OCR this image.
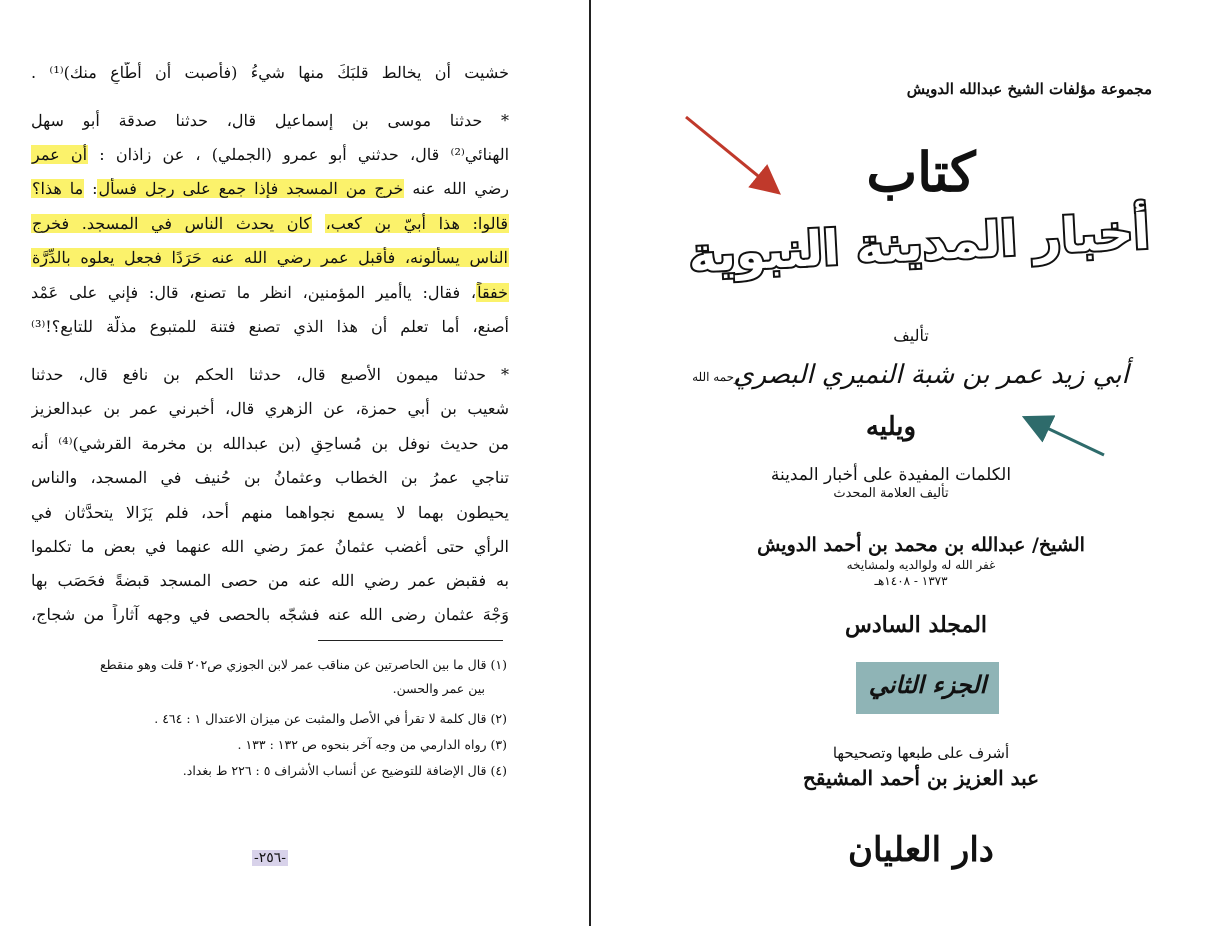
خشيت أن يخالط قلبَكَ منها شيءُ (فأصبت أن أُطَّاعِ منك)⁽¹⁾ .
* حدثنا موسى بن إسماعيل قال، حدثنا صدقة أبو سهل
الهنائي⁽²⁾ قال، حدثني أبو عمرو (الجملي) ، عن زاذان : أن عمر
رضي الله عنه خرج من المسجد فإذا جمع على رجل فسأل: ما هذا؟
قالوا: هذا أبيّ بن كعب، كان يحدث الناس في المسجد. فخرج
الناس يسألونه، فأقبل عمر رضي الله عنه حَرَدًا فجعل يعلوه بالدِّرَّة
خفقاً، فقال: ياأمير المؤمنين، انظر ما تصنع، قال: فإني على عَمْد
أصنع، أما تعلم أن هذا الذي تصنع فتنة للمتبوع مذلّة للتابع؟!⁽³⁾
* حدثنا ميمون الأصبع قال، حدثنا الحكم بن نافع قال، حدثنا
شعيب بن أبي حمزة، عن الزهري قال، أخبرني عمر بن عبدالعزيز
من حديث نوفل بن مُساحِقٍ (بن عبدالله بن مخرمة القرشي)⁽⁴⁾ أنه
تناجي عمرُ بن الخطاب وعثمانُ بن حُنيف في المسجد، والناس
يحيطون بهما لا يسمع نجواهما منهم أحد، فلم يَزَالا يتحدَّثان في
الرأي حتى أغضب عثمانُ عمرَ رضي الله عنهما في بعض ما تكلموا
به فقبض عمر رضي الله عنه من حصى المسجد قبضةً فحَصَب بها
وَجْهَ عثمان رضى الله عنه فشجّه بالحصى في وجهه آثاراً من شجاج،
(١) قال ما بين الحاصرتين عن مناقب عمر لابن الجوزي ص٢٠٢ قلت وهو منقطع
بين عمر والحسن.
(٢) قال كلمة لا تقرأ في الأصل والمثبت عن ميزان الاعتدال ١ : ٤٦٤ .
(٣) رواه الدارمي من وجه آخر بنحوه ص ١٣٢ : ١٣٣ .
(٤) قال الإضافة للتوضيح عن أنساب الأشراف ٥ : ٢٢٦ ط بغداد.
-٢٥٦-
مجموعة مؤلفات الشيخ عبدالله الدويش
كتاب
أخبار المدينة النبوية
تأليف
أبي زيد عمر بن شبة النميري البصري
رحمه الله
ويليه
الكلمات المفيدة على أخبار المدينة
تأليف العلامة المحدث
الشيخ/ عبدالله بن محمد بن أحمد الدويش
غفر الله له ولوالديه ولمشايخه
١٣٧٣ - ١٤٠٨هـ
المجلد السادس
الجزء الثاني
أشرف على طبعها وتصحيحها
عبد العزيز بن أحمد المشيقح
دار العليان
